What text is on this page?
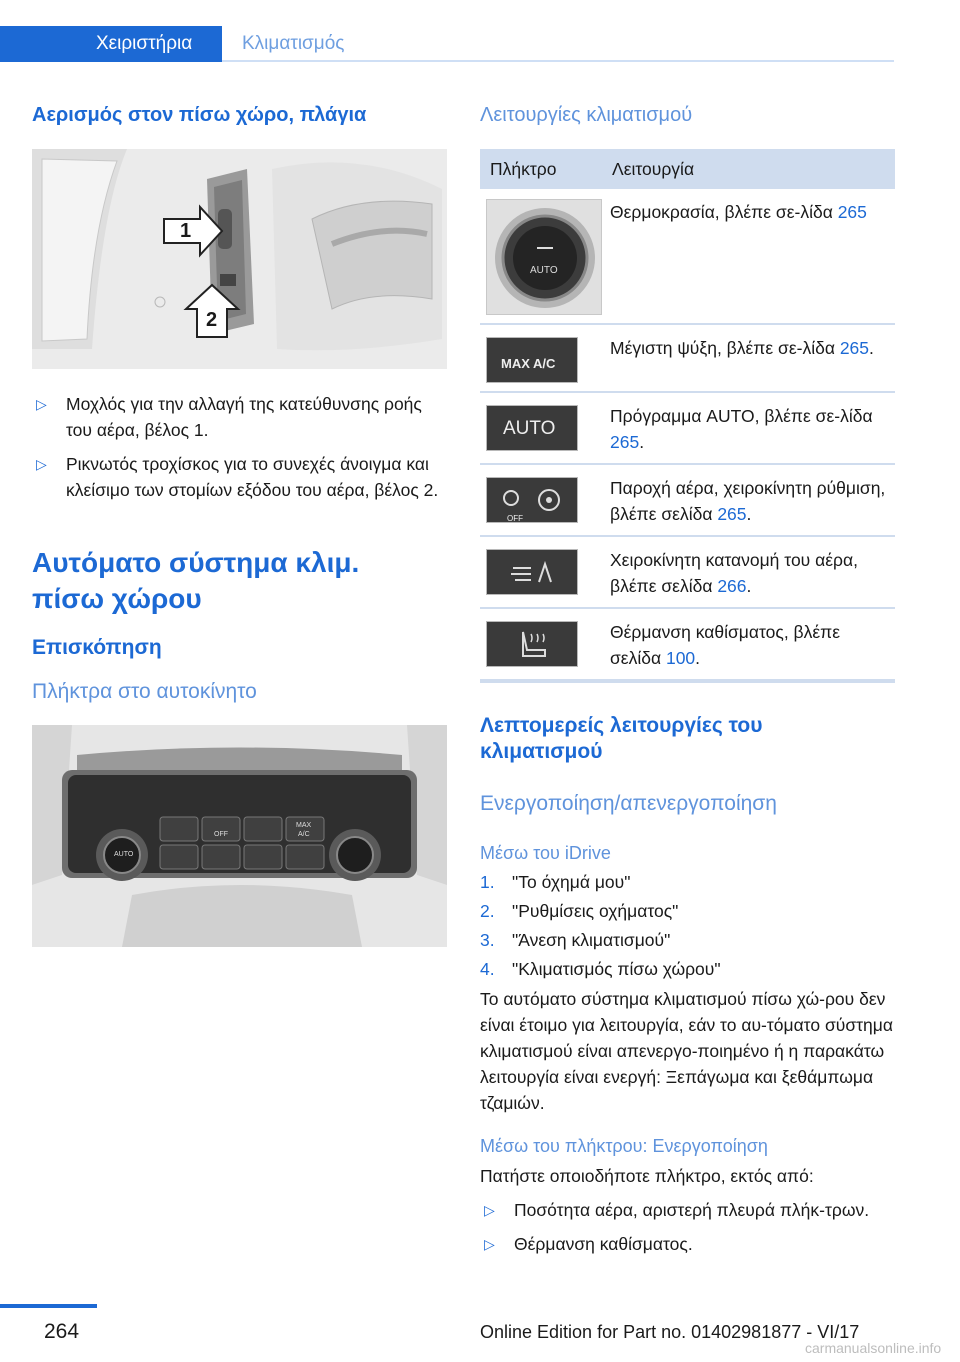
Χειριστήρια	Κλιματισμός
Αερισμός στον πίσω χώρο, πλάγια
1
2
▷	Μοχλός για την αλλαγή της κατεύθυνσης ροής του αέρα, βέλος 1.
▷	Ρικνωτός τροχίσκος για το συνεχές άνοιγμα και κλείσιμο των στομίων εξόδου του αέρα, βέλος 2.
Αυτόματο σύστημα κλιμ. πίσω χώρου
Επισκόπηση
Πλήκτρα στο αυτοκίνητο
AUTO
OFF
MAX
A/C
Λειτουργίες κλιματισμού
Πλήκτρο	Λειτουργία

AUTO	Θερμοκρασία, βλέπε σε-λίδα 265

MAX A/C	Μέγιστη ψύξη, βλέπε σε-λίδα 265.

AUTO	Πρόγραμμα AUTO, βλέπε σε-λίδα 265.

OFF	Παροχή αέρα, χειροκίνητη ρύθμιση, βλέπε σελίδα 265.

	Χειροκίνητη κατανομή του αέρα, βλέπε σελίδα 266.

	Θέρμανση καθίσματος, βλέπε σελίδα 100.
Λεπτομερείς λειτουργίες του κλιματισμού
Ενεργοποίηση/απενεργοποίηση
Μέσω του iDrive
1. "Το όχημά μου"
2. "Ρυθμίσεις οχήματος"
3. "Άνεση κλιματισμού"
4. "Κλιματισμός πίσω χώρου"
Το αυτόματο σύστημα κλιματισμού πίσω χώ-ρου δεν είναι έτοιμο για λειτουργία, εάν το αυ-τόματο σύστημα κλιματισμού είναι απενεργο-ποιημένο ή η παρακάτω λειτουργία είναι ενεργή: Ξεπάγωμα και ξεθάμπωμα τζαμιών.
Μέσω του πλήκτρου: Ενεργοποίηση
Πατήστε οποιοδήποτε πλήκτρο, εκτός από:
▷	Ποσότητα αέρα, αριστερή πλευρά πλήκ-τρων.
▷	Θέρμανση καθίσματος.
264	Online Edition for Part no. 01402981877 - VI/17
carmanualsonline.info
